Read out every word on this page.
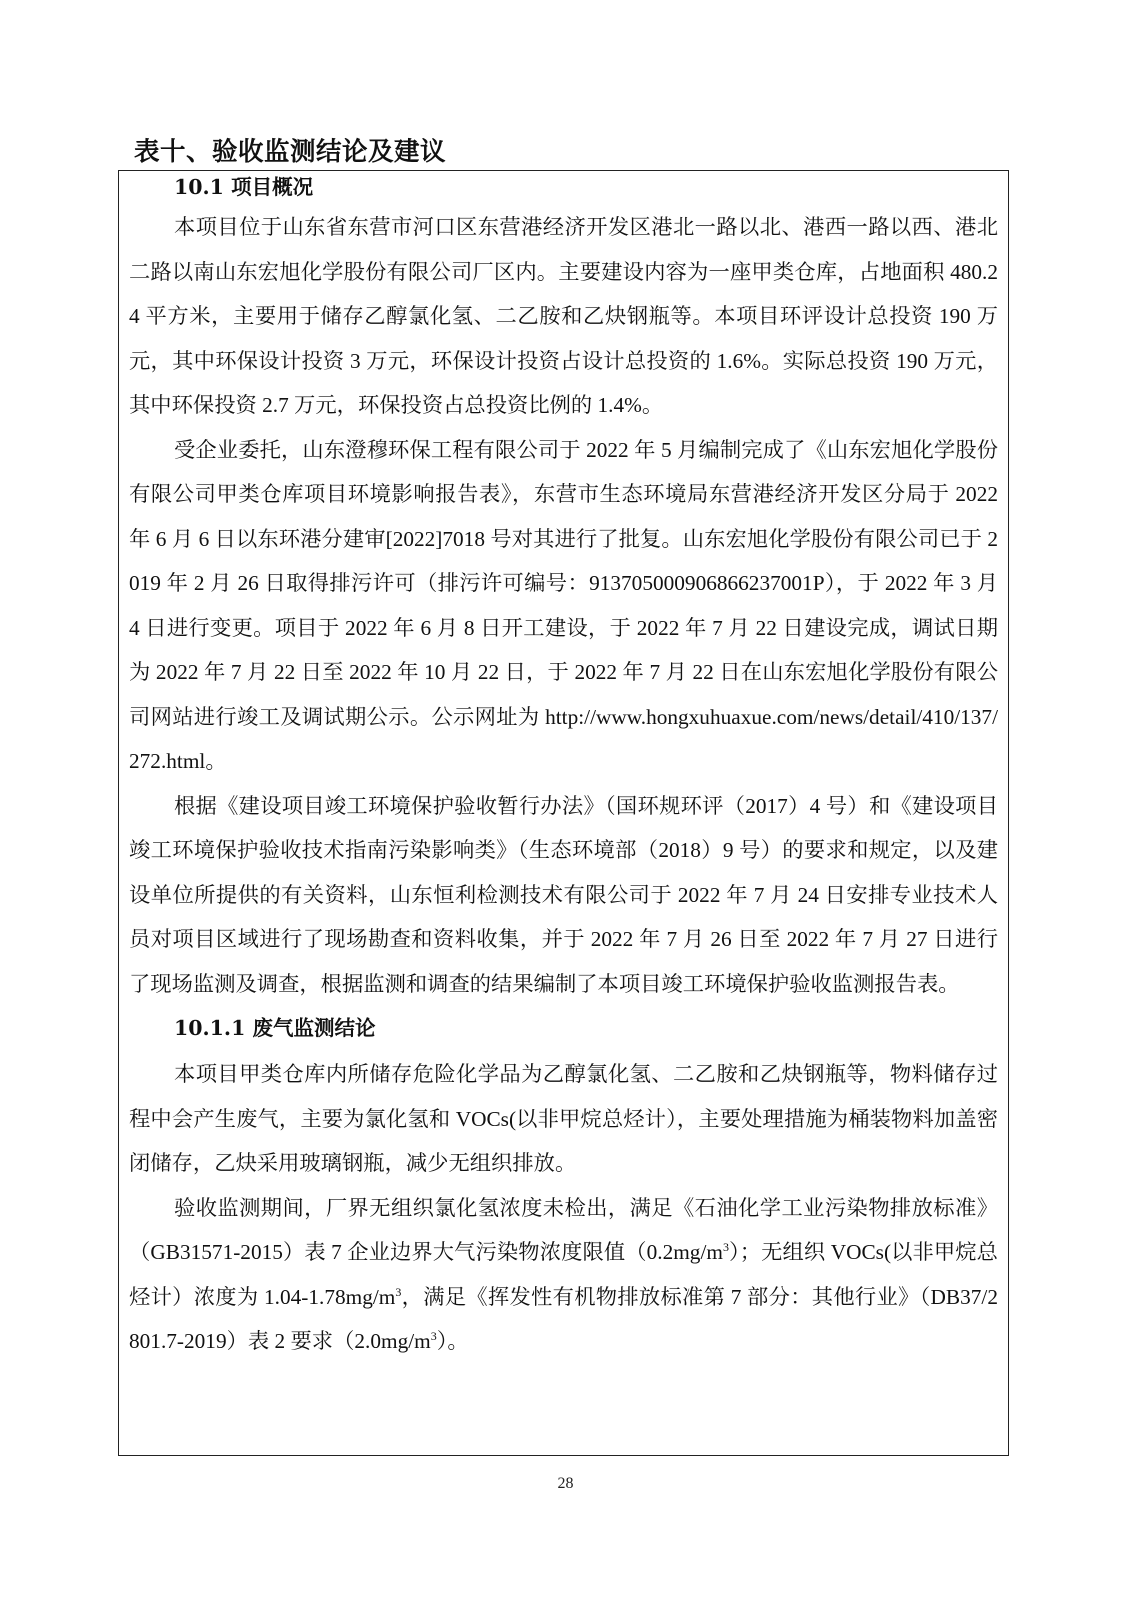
表十、验收监测结论及建议
10.1 项目概况

本项目位于山东省东营市河口区东营港经济开发区港北一路以北、港西一路以西、港北二路以南山东宏旭化学股份有限公司厂区内。主要建设内容为一座甲类仓库，占地面积 480.24 平方米，主要用于储存乙醇氯化氢、二乙胺和乙炔钢瓶等。本项目环评设计总投资 190 万元，其中环保设计投资 3 万元，环保设计投资占设计总投资的 1.6%。实际总投资 190 万元，其中环保投资 2.7 万元，环保投资占总投资比例的 1.4%。

受企业委托，山东澄穆环保工程有限公司于 2022 年 5 月编制完成了《山东宏旭化学股份有限公司甲类仓库项目环境影响报告表》，东营市生态环境局东营港经济开发区分局于 2022 年 6 月 6 日以东环港分建审[2022]7018 号对其进行了批复。山东宏旭化学股份有限公司已于 2019 年 2 月 26 日取得排污许可（排污许可编号：913705000906866237001P），于 2022 年 3 月 4 日进行变更。项目于 2022 年 6 月 8 日开工建设，于 2022 年 7 月 22 日建设完成，调试日期为 2022 年 7 月 22 日至 2022 年 10 月 22 日，于 2022 年 7 月 22 日在山东宏旭化学股份有限公司网站进行竣工及调试期公示。公示网址为 http://www.hongxuhuaxue.com/news/detail/410/137/272.html。

根据《建设项目竣工环境保护验收暂行办法》（国环规环评（2017）4 号）和《建设项目竣工环境保护验收技术指南污染影响类》（生态环境部（2018）9 号）的要求和规定，以及建设单位所提供的有关资料，山东恒利检测技术有限公司于 2022 年 7 月 24 日安排专业技术人员对项目区域进行了现场勘查和资料收集，并于 2022 年 7 月 26 日至 2022 年 7 月 27 日进行了现场监测及调查，根据监测和调查的结果编制了本项目竣工环境保护验收监测报告表。

10.1.1 废气监测结论

本项目甲类仓库内所储存危险化学品为乙醇氯化氢、二乙胺和乙炔钢瓶等，物料储存过程中会产生废气，主要为氯化氢和 VOCs(以非甲烷总烃计），主要处理措施为桶装物料加盖密闭储存，乙炔采用玻璃钢瓶，减少无组织排放。

验收监测期间，厂界无组织氯化氢浓度未检出，满足《石油化学工业污染物排放标准》（GB31571-2015）表 7 企业边界大气污染物浓度限值$(0.2mg/m^3)$；无组织 VOCs(以非甲烷总烃计）浓度为 $1.04-1.78mg/m^3$，满足《挥发性有机物排放标准第 7 部分：其他行业》（DB37/2801.7-2019）表 2 要求$(2.0mg/m^3)$。

28
